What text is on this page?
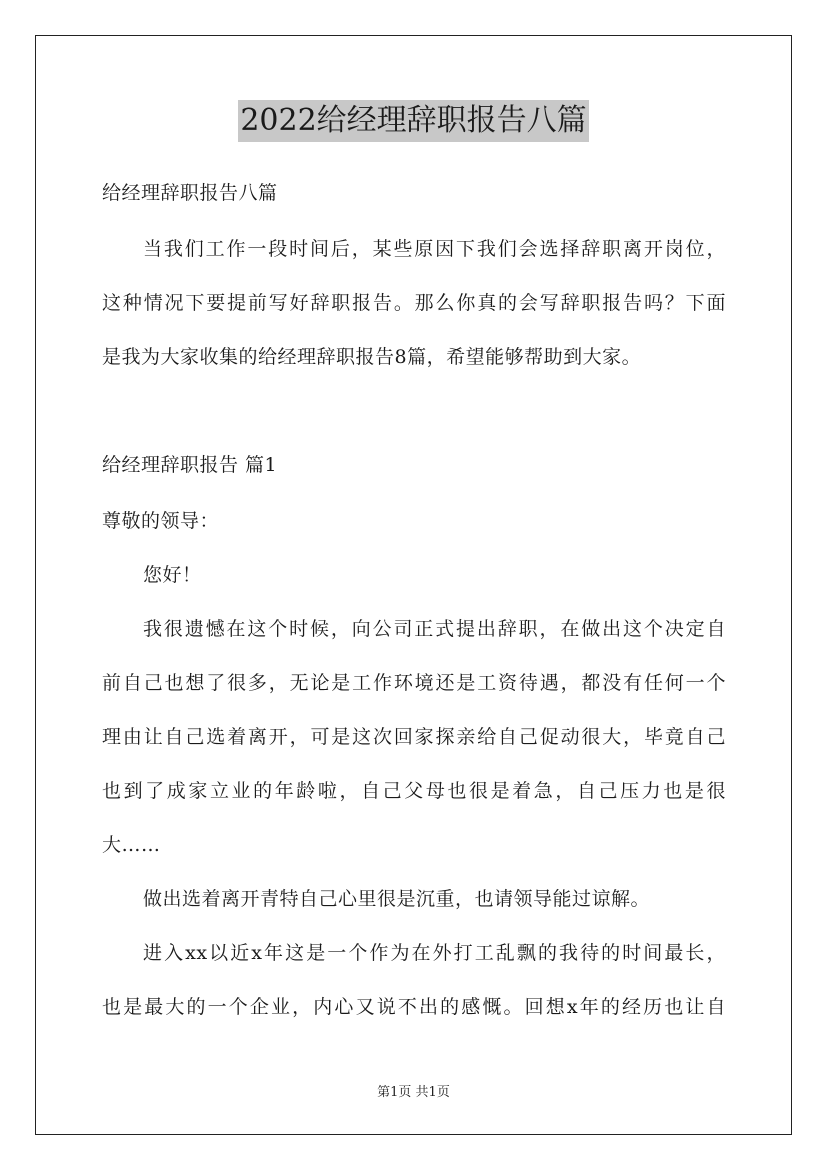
2022给经理辞职报告八篇
给经理辞职报告八篇
当我们工作一段时间后，某些原因下我们会选择辞职离开岗位，
这种情况下要提前写好辞职报告。那么你真的会写辞职报告吗？下面
是我为大家收集的给经理辞职报告8篇，希望能够帮助到大家。
给经理辞职报告 篇1
尊敬的领导：
您好！
我很遗憾在这个时候，向公司正式提出辞职，在做出这个决定自
前自己也想了很多，无论是工作环境还是工资待遇，都没有任何一个
理由让自己选着离开，可是这次回家探亲给自己促动很大，毕竟自己
也到了成家立业的年龄啦，自己父母也很是着急，自己压力也是很
大……
做出选着离开青特自己心里很是沉重，也请领导能过谅解。
进入xx以近x年这是一个作为在外打工乱飘的我待的时间最长，
也是最大的一个企业，内心又说不出的感慨。回想x年的经历也让自
第1页 共1页
